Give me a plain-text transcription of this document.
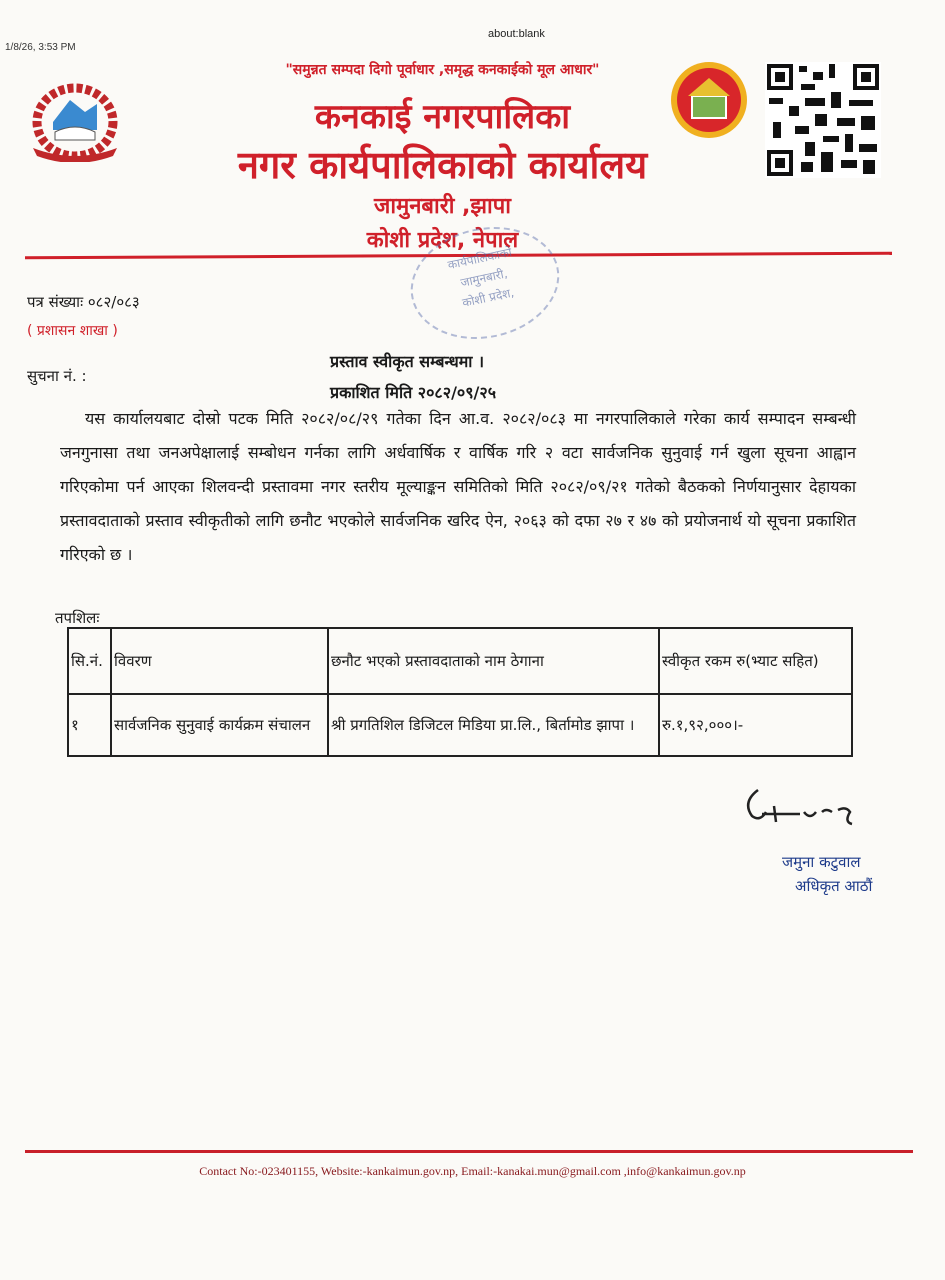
about:blank
1/8/26, 3:53 PM
"समुन्नत सम्पदा दिगो पूर्वाधार ,समृद्ध कनकाईको मूल आधार"
कनकाई नगरपालिका
नगर कार्यपालिकाको कार्यालय
जामुनबारी ,झापा
कोशी प्रदेश, नेपाल
कार्यपालिकाको
जामुनबारी,
कोशी प्रदेश,
पत्र संख्याः ०८२/०८३
( प्रशासन शाखा )
सुचना नं. :
प्रस्ताव स्वीकृत सम्बन्धमा ।
प्रकाशित मिति २०८२/०९/२५
यस कार्यालयबाट दोस्रो पटक मिति २०८२/०८/२९ गतेका दिन आ.व. २०८२/०८३ मा नगरपालिकाले गरेका कार्य सम्पादन सम्बन्धी जनगुनासा तथा जनअपेक्षालाई सम्बोधन गर्नका लागि अर्धवार्षिक र वार्षिक गरि २ वटा सार्वजनिक सुनुवाई गर्न खुला सूचना आह्वान गरिएकोमा पर्न आएका शिलवन्दी प्रस्तावमा नगर स्तरीय मूल्याङ्कन समितिको मिति २०८२/०९/२१ गतेको बैठकको निर्णयानुसार देहायका प्रस्तावदाताको प्रस्ताव स्वीकृतीको लागि छनौट भएकोले सार्वजनिक खरिद ऐन, २०६३ को दफा २७ र ४७ को प्रयोजनार्थ यो सूचना प्रकाशित गरिएको छ ।
तपशिलः
सि.नं.	विवरण	छनौट भएको प्रस्तावदाताको नाम ठेगाना	स्वीकृत रकम रु(भ्याट सहित)
१	सार्वजनिक सुनुवाई कार्यक्रम संचालन	श्री प्रगतिशिल डिजिटल मिडिया प्रा.लि., बिर्तामोड झापा ।	रु.१,९२,०००।-
जमुना कटुवाल
अधिकृत आठौं
Contact No:-023401155, Website:-kankaimun.gov.np, Email:-kanakai.mun@gmail.com ,info@kankaimun.gov.np
